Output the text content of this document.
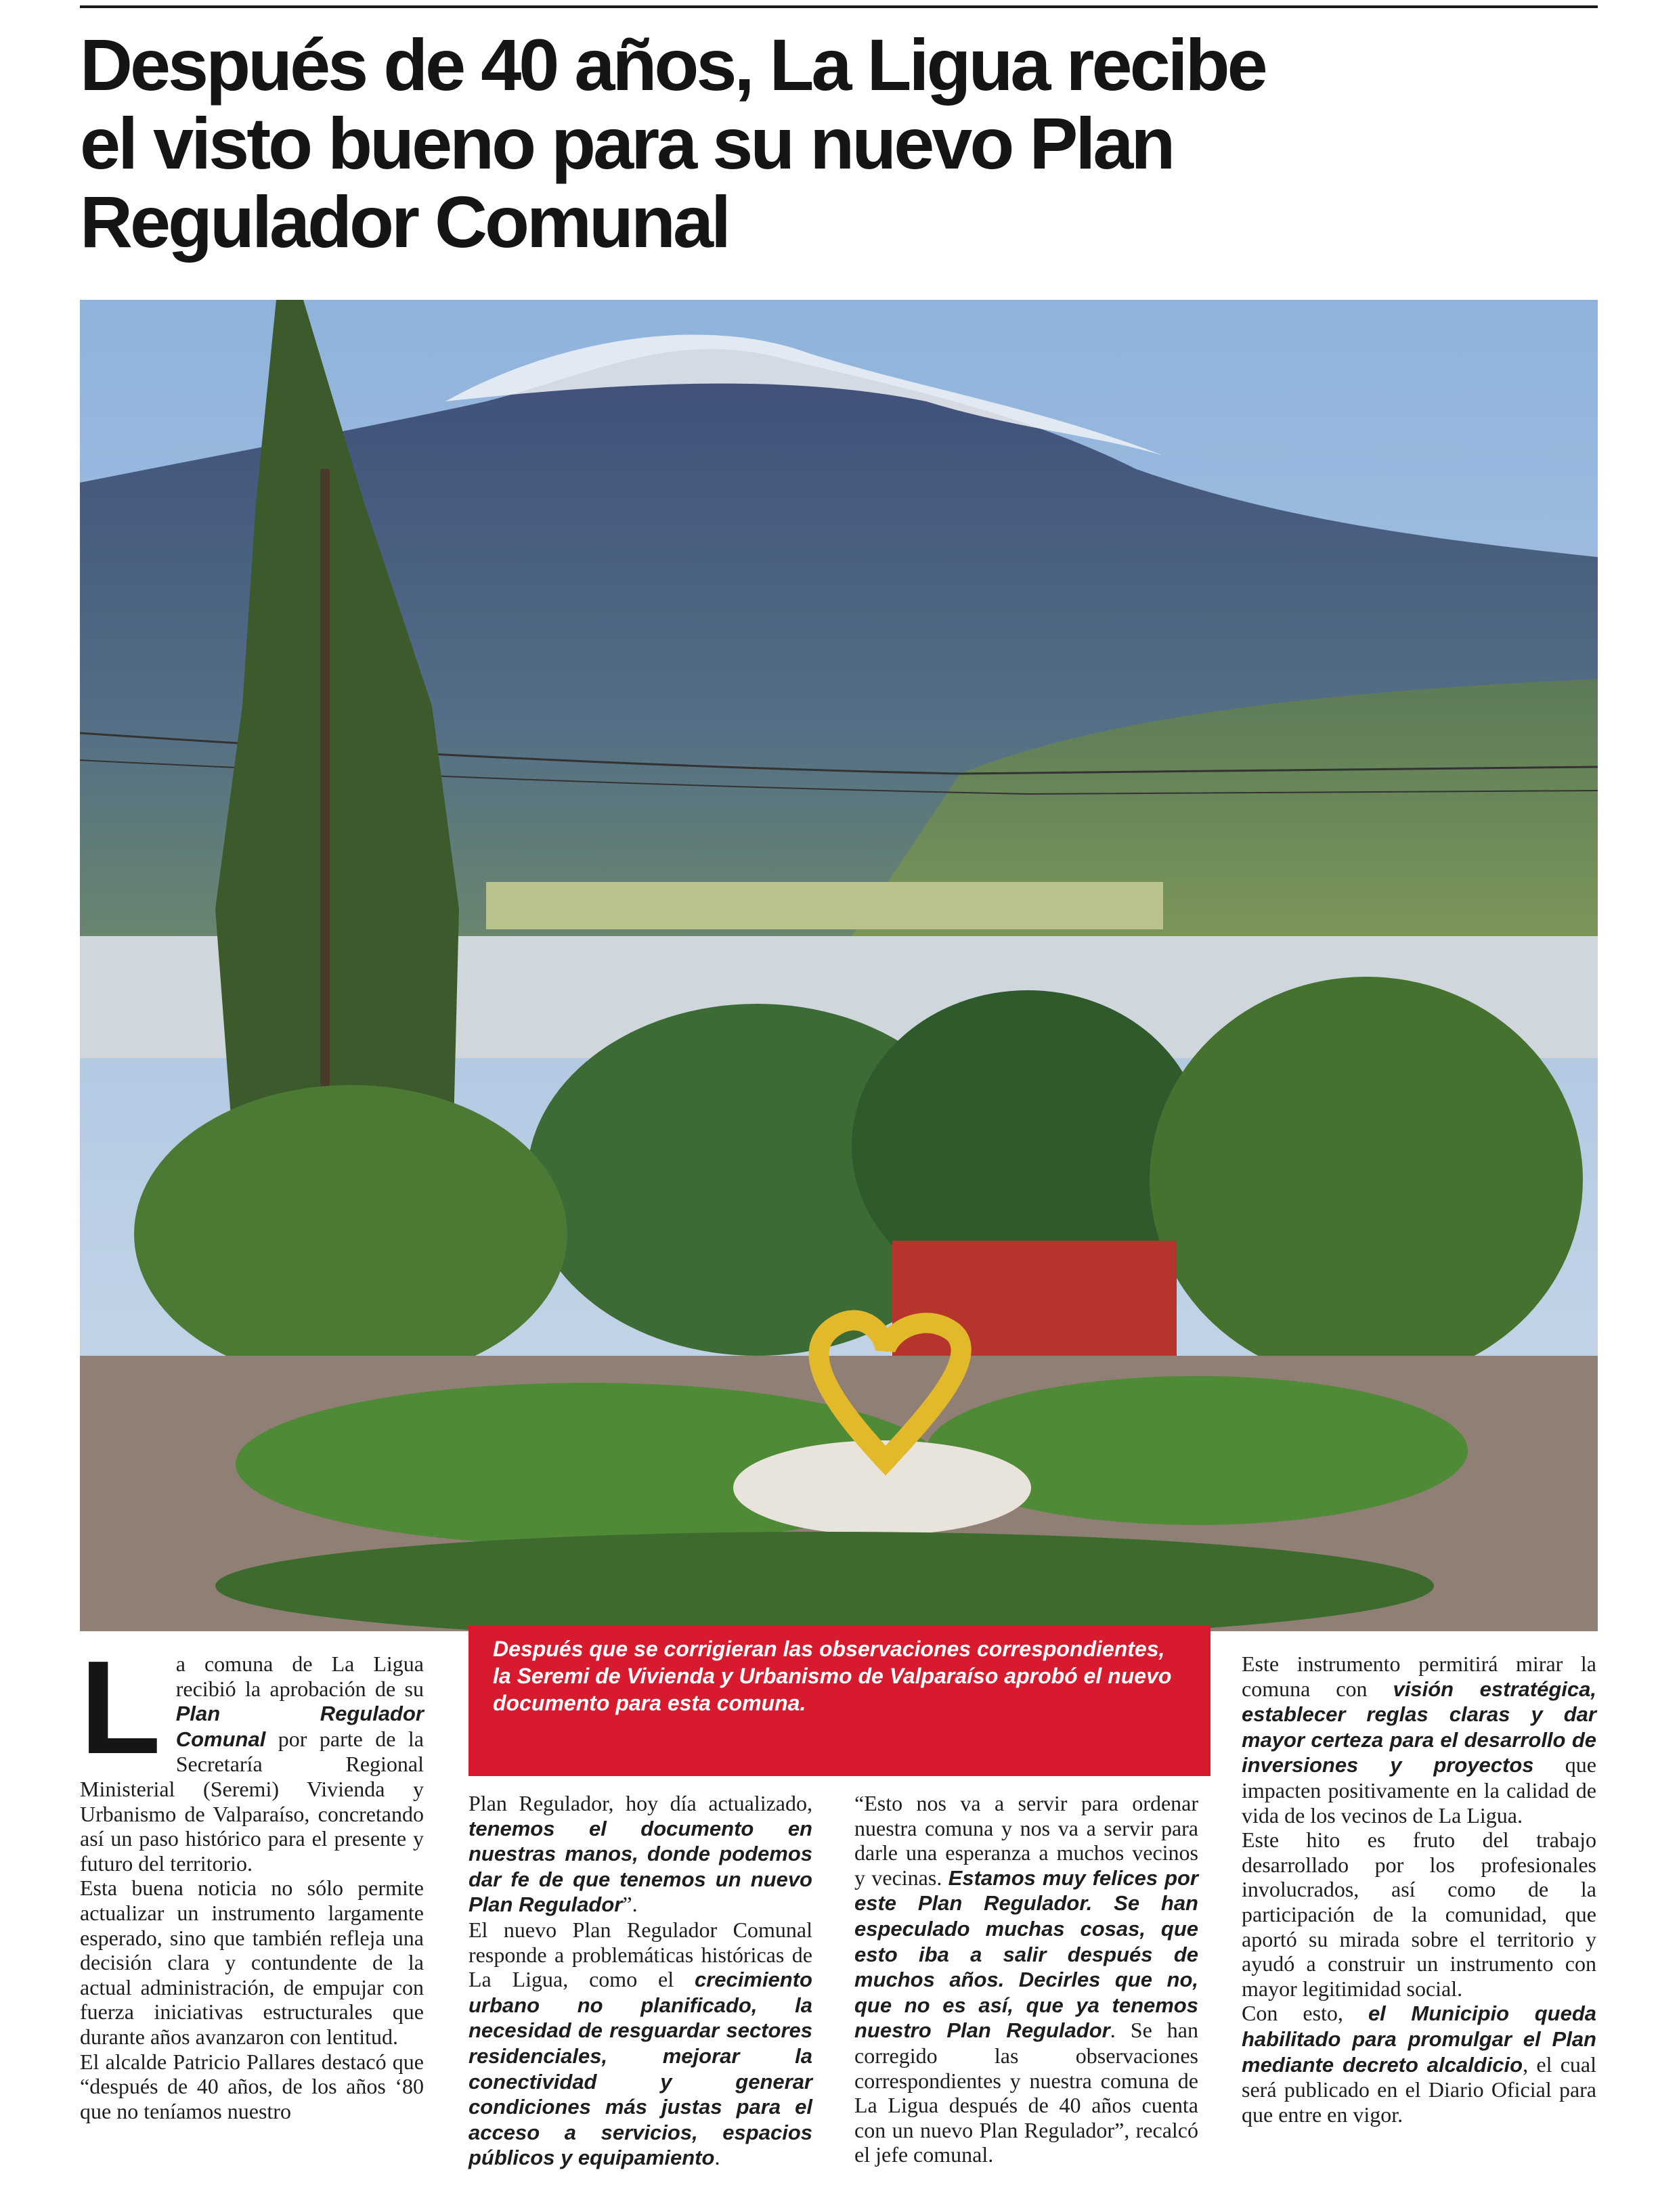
Después de 40 años, La Ligua recibe
el visto bueno para su nuevo Plan
Regulador Comunal
Después que se corrigieran las observaciones correspondientes, la Seremi de Vivienda y Urbanismo de Valparaíso aprobó el nuevo documento para esta comuna.

La comuna de La Ligua recibió la aprobación de su Plan Regulador Comunal por parte de la Secretaría Regional Ministerial (Seremi) Vivienda y Urbanismo de Valparaíso, concretando así un paso histórico para el presente y futuro del territorio.

Esta buena noticia no sólo permite actualizar un instrumento largamente esperado, sino que también refleja una decisión clara y contundente de la actual administración, de empujar con fuerza iniciativas estructurales que durante años avanzaron con lentitud.

El alcalde Patricio Pallares destacó que “después de 40 años, de los años ‘80 que no teníamos nuestro

Plan Regulador, hoy día actualizado, tenemos el documento en nuestras manos, donde podemos dar fe de que tenemos un nuevo Plan Regulador”.

El nuevo Plan Regulador Comunal responde a problemáticas históricas de La Ligua, como el crecimiento urbano no planificado, la necesidad de resguardar sectores residenciales, mejorar la conectividad y generar condiciones más justas para el acceso a servicios, espacios públicos y equipamiento.

“Esto nos va a servir para ordenar nuestra comuna y nos va a servir para darle una esperanza a muchos vecinos y vecinas. Estamos muy felices por este Plan Regulador. Se han especulado muchas cosas, que esto iba a salir después de muchos años. Decirles que no, que no es así, que ya tenemos nuestro Plan Regulador. Se han corregido las observaciones correspondientes y nuestra comuna de La Ligua después de 40 años cuenta con un nuevo Plan Regulador”, recalcó el jefe comunal.

Este instrumento permitirá mirar la comuna con visión estratégica, establecer reglas claras y dar mayor certeza para el desarrollo de inversiones y proyectos que impacten positivamente en la calidad de vida de los vecinos de La Ligua.

Este hito es fruto del trabajo desarrollado por los profesionales involucrados, así como de la participación de la comunidad, que aportó su mirada sobre el territorio y ayudó a construir un instrumento con mayor legitimidad social.

Con esto, el Municipio queda habilitado para promulgar el Plan mediante decreto alcaldicio, el cual será publicado en el Diario Oficial para que entre en vigor.
